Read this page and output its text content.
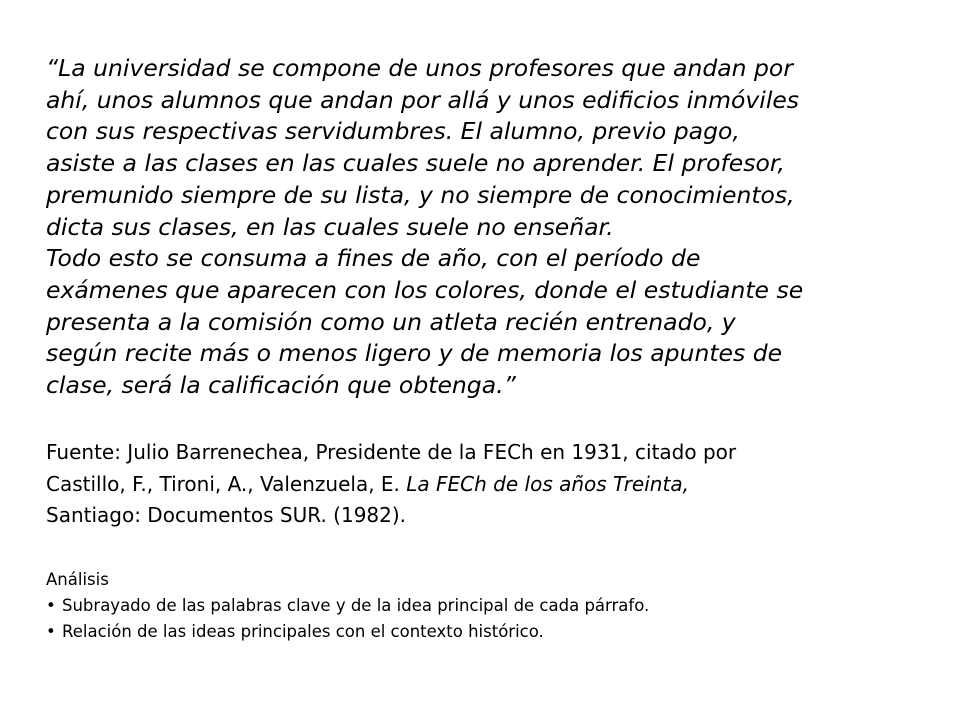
“La universidad se compone de unos profesores que andan por
ahí, unos alumnos que andan por allá y unos edificios inmóviles
con sus respectivas servidumbres. El alumno, previo pago,
asiste a las clases en las cuales suele no aprender. El profesor,
premunido siempre de su lista, y no siempre de conocimientos,
dicta sus clases, en las cuales suele no enseñar.

Todo esto se consuma a fines de año, con el período de
exámenes que aparecen con los colores, donde el estudiante se
presenta a la comisión como un atleta recién entrenado, y
según recite más o menos ligero y de memoria los apuntes de
clase, será la calificación que obtenga.”

Fuente: Julio Barrenechea, Presidente de la FECh en 1931, citado por

Castillo, F., Tironi, A., Valenzuela, E. La FECh de los años Treinta,

Santiago: Documentos SUR. (1982).

Análisis
• Subrayado de las palabras clave y de la idea principal de cada párrafo.
• Relación de las ideas principales con el contexto histórico.
